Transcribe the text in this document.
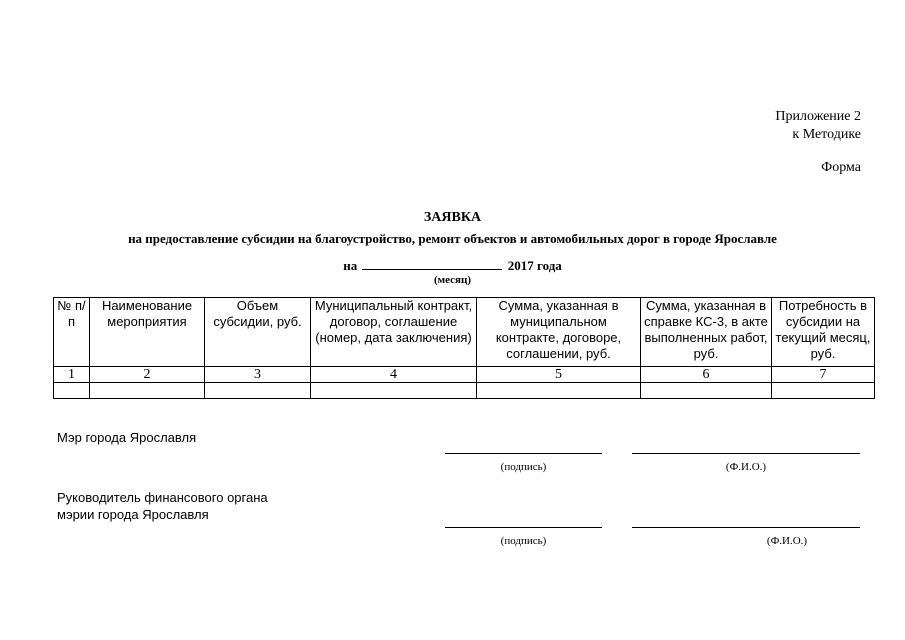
Приложение 2
к Методике
Форма
ЗАЯВКА
на предоставление субсидии на благоустройство, ремонт объектов и автомобильных дорог в городе Ярославле
на	2017 года
(месяц)
№ п/п	Наименование мероприятия	Объем субсидии, руб.	Муниципальный контракт, договор, соглашение (номер, дата заключения)	Сумма, указанная в муниципальном контракте, договоре, соглашении, руб.	Сумма, указанная в справке КС-3, в акте выполненных работ, руб.	Потребность в субсидии на текущий месяц, руб.
1	2	3	4	5	6	7

Мэр города Ярославля
(подпись)	(Ф.И.О.)
Руководитель финансового органа
мэрии города Ярославля
(подпись)	(Ф.И.О.)
